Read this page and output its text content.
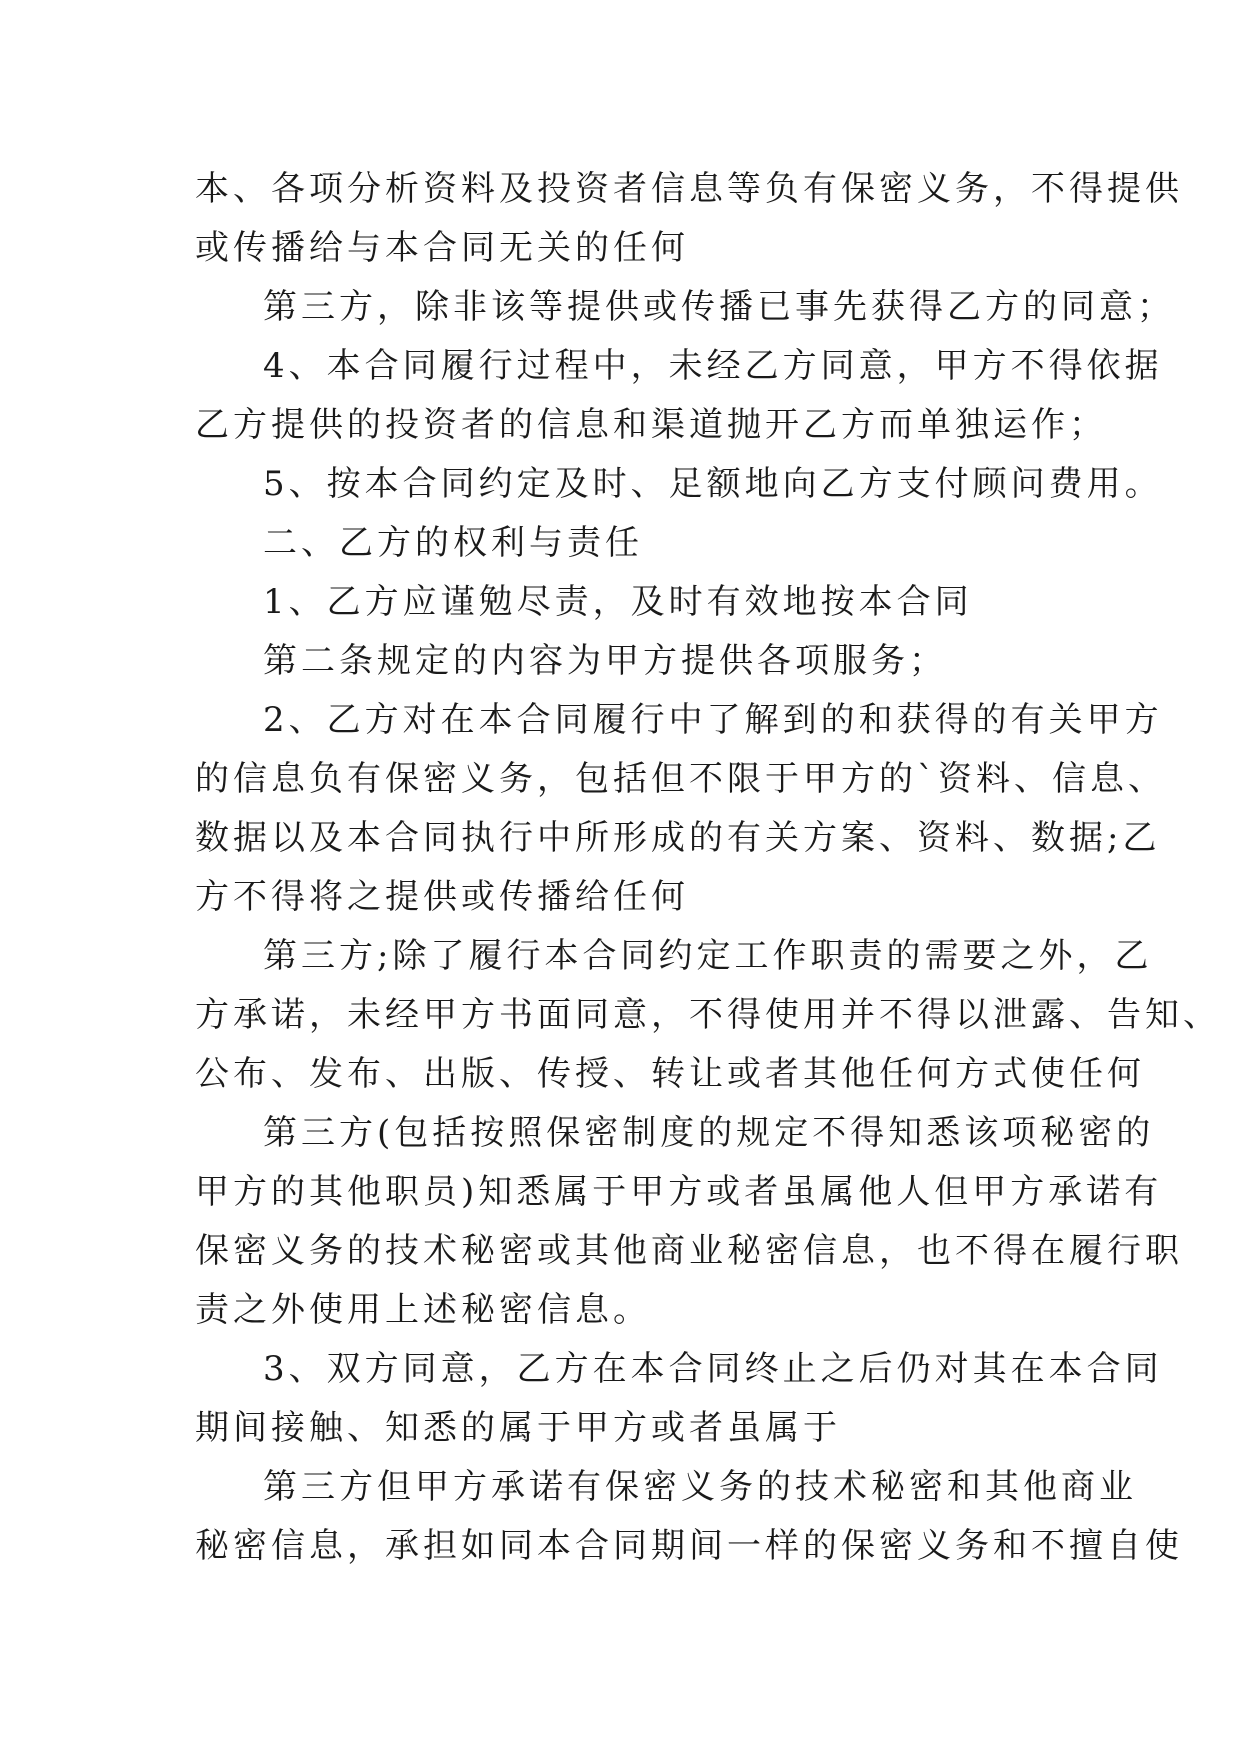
本、各项分析资料及投资者信息等负有保密义务，不得提供
或传播给与本合同无关的任何

第三方，除非该等提供或传播已事先获得乙方的同意；

4、本合同履行过程中，未经乙方同意，甲方不得依据

乙方提供的投资者的信息和渠道抛开乙方而单独运作；

5、按本合同约定及时、足额地向乙方支付顾问费用。

二、乙方的权利与责任

1、乙方应谨勉尽责，及时有效地按本合同

第二条规定的内容为甲方提供各项服务；

2、乙方对在本合同履行中了解到的和获得的有关甲方

的信息负有保密义务，包括但不限于甲方的`资料、信息、
数据以及本合同执行中所形成的有关方案、资料、数据;乙
方不得将之提供或传播给任何

第三方;除了履行本合同约定工作职责的需要之外，乙

方承诺，未经甲方书面同意，不得使用并不得以泄露、告知、
公布、发布、出版、传授、转让或者其他任何方式使任何

第三方(包括按照保密制度的规定不得知悉该项秘密的

甲方的其他职员)知悉属于甲方或者虽属他人但甲方承诺有
保密义务的技术秘密或其他商业秘密信息，也不得在履行职
责之外使用上述秘密信息。

3、双方同意，乙方在本合同终止之后仍对其在本合同

期间接触、知悉的属于甲方或者虽属于

第三方但甲方承诺有保密义务的技术秘密和其他商业

秘密信息，承担如同本合同期间一样的保密义务和不擅自使
